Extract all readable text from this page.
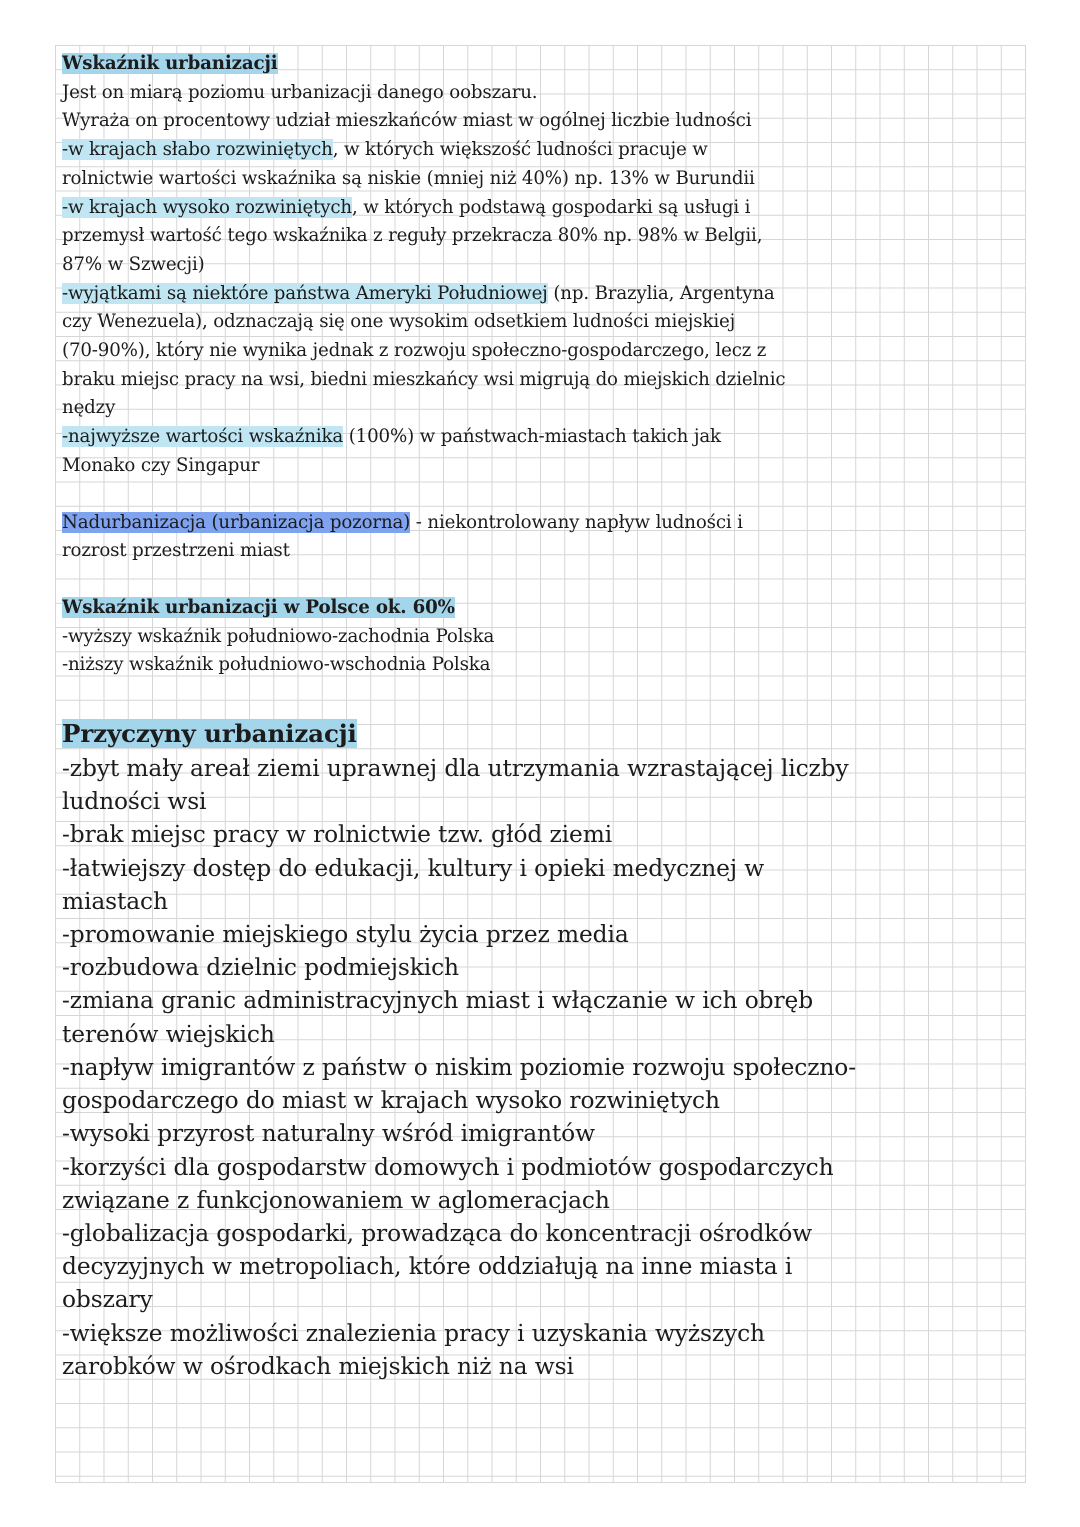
Wskaźnik urbanizacji

Jest on miarą poziomu urbanizacji danego oobszaru.

Wyraża on procentowy udział mieszkańców miast w ogólnej liczbie ludności

-w krajach słabo rozwiniętych, w których większość ludności pracuje w

rolnictwie wartości wskaźnika są niskie (mniej niż 40%) np. 13% w Burundii

-w krajach wysoko rozwiniętych, w których podstawą gospodarki są usługi i

przemysł wartość tego wskaźnika z reguły przekracza 80% np. 98% w Belgii,

87% w Szwecji)

-wyjątkami są niektóre państwa Ameryki Południowej (np. Brazylia, Argentyna

czy Wenezuela), odznaczają się one wysokim odsetkiem ludności miejskiej

(70-90%), który nie wynika jednak z rozwoju społeczno-gospodarczego, lecz z

braku miejsc pracy na wsi, biedni mieszkańcy wsi migrują do miejskich dzielnic

nędzy

-najwyższe wartości wskaźnika (100%) w państwach-miastach takich jak

Monako czy Singapur

Nadurbanizacja (urbanizacja pozorna) - niekontrolowany napływ ludności i

rozrost przestrzeni miast

Wskaźnik urbanizacji w Polsce ok. 60%

-wyższy wskaźnik południowo-zachodnia Polska

-niższy wskaźnik południowo-wschodnia Polska

Przyczyny urbanizacji

-zbyt mały areał ziemi uprawnej dla utrzymania wzrastającej liczby

ludności wsi

-brak miejsc pracy w rolnictwie tzw. głód ziemi

-łatwiejszy dostęp do edukacji, kultury i opieki medycznej w

miastach

-promowanie miejskiego stylu życia przez media

-rozbudowa dzielnic podmiejskich

-zmiana granic administracyjnych miast i włączanie w ich obręb

terenów wiejskich

-napływ imigrantów z państw o niskim poziomie rozwoju społeczno-

gospodarczego do miast w krajach wysoko rozwiniętych

-wysoki przyrost naturalny wśród imigrantów

-korzyści dla gospodarstw domowych i podmiotów gospodarczych

związane z funkcjonowaniem w aglomeracjach

-globalizacja gospodarki, prowadząca do koncentracji ośrodków

decyzyjnych w metropoliach, które oddziałują na inne miasta i

obszary

-większe możliwości znalezienia pracy i uzyskania wyższych

zarobków w ośrodkach miejskich niż na wsi
